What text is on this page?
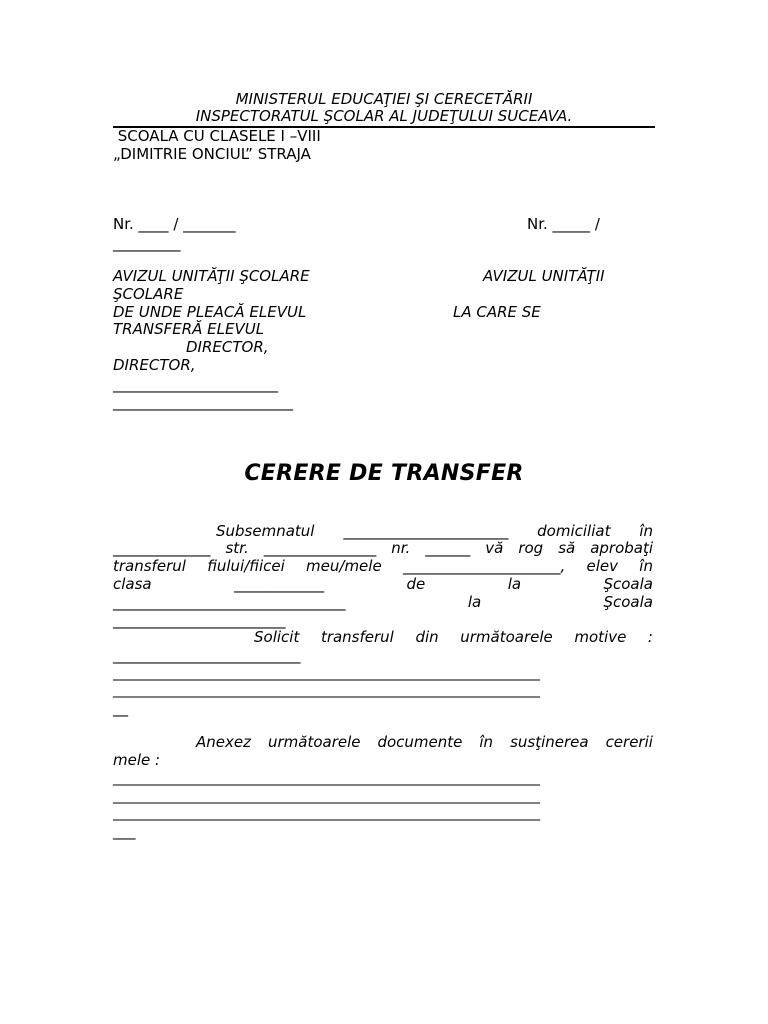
MINISTERUL EDUCAŢIEI ŞI CERECETĂRII
INSPECTORATUL ŞCOLAR AL JUDEŢULUI SUCEAVA.
SCOALA CU CLASELE I –VIII
„DIMITRIE ONCIUL” STRAJA
Nr. ____ / _______	Nr. _____ /
_________
AVIZUL UNITĂŢII ŞCOLARE	AVIZUL UNITĂŢII
ŞCOLARE
DE UNDE PLEACĂ ELEVUL	LA CARE SE
TRANSFERĂ ELEVUL
DIRECTOR,
DIRECTOR,
______________________
________________________
CERERE DE TRANSFER
Subsemnatul ______________________ domiciliat în
_____________ str. _______________ nr. ______ vă rog să aprobaţi
transferul fiului/fiicei meu/mele _____________________, elev în
clasa	____________	de	la	Şcoala
_______________________________	la	Şcoala
_______________________
Solicit transferul din următoarele motive :
_________________________
_____________________________________________________________
_____________________________________________________________
__
Anexez următoarele documente în susţinerea cererii
mele :
_____________________________________________________________
_____________________________________________________________
_____________________________________________________________
___
